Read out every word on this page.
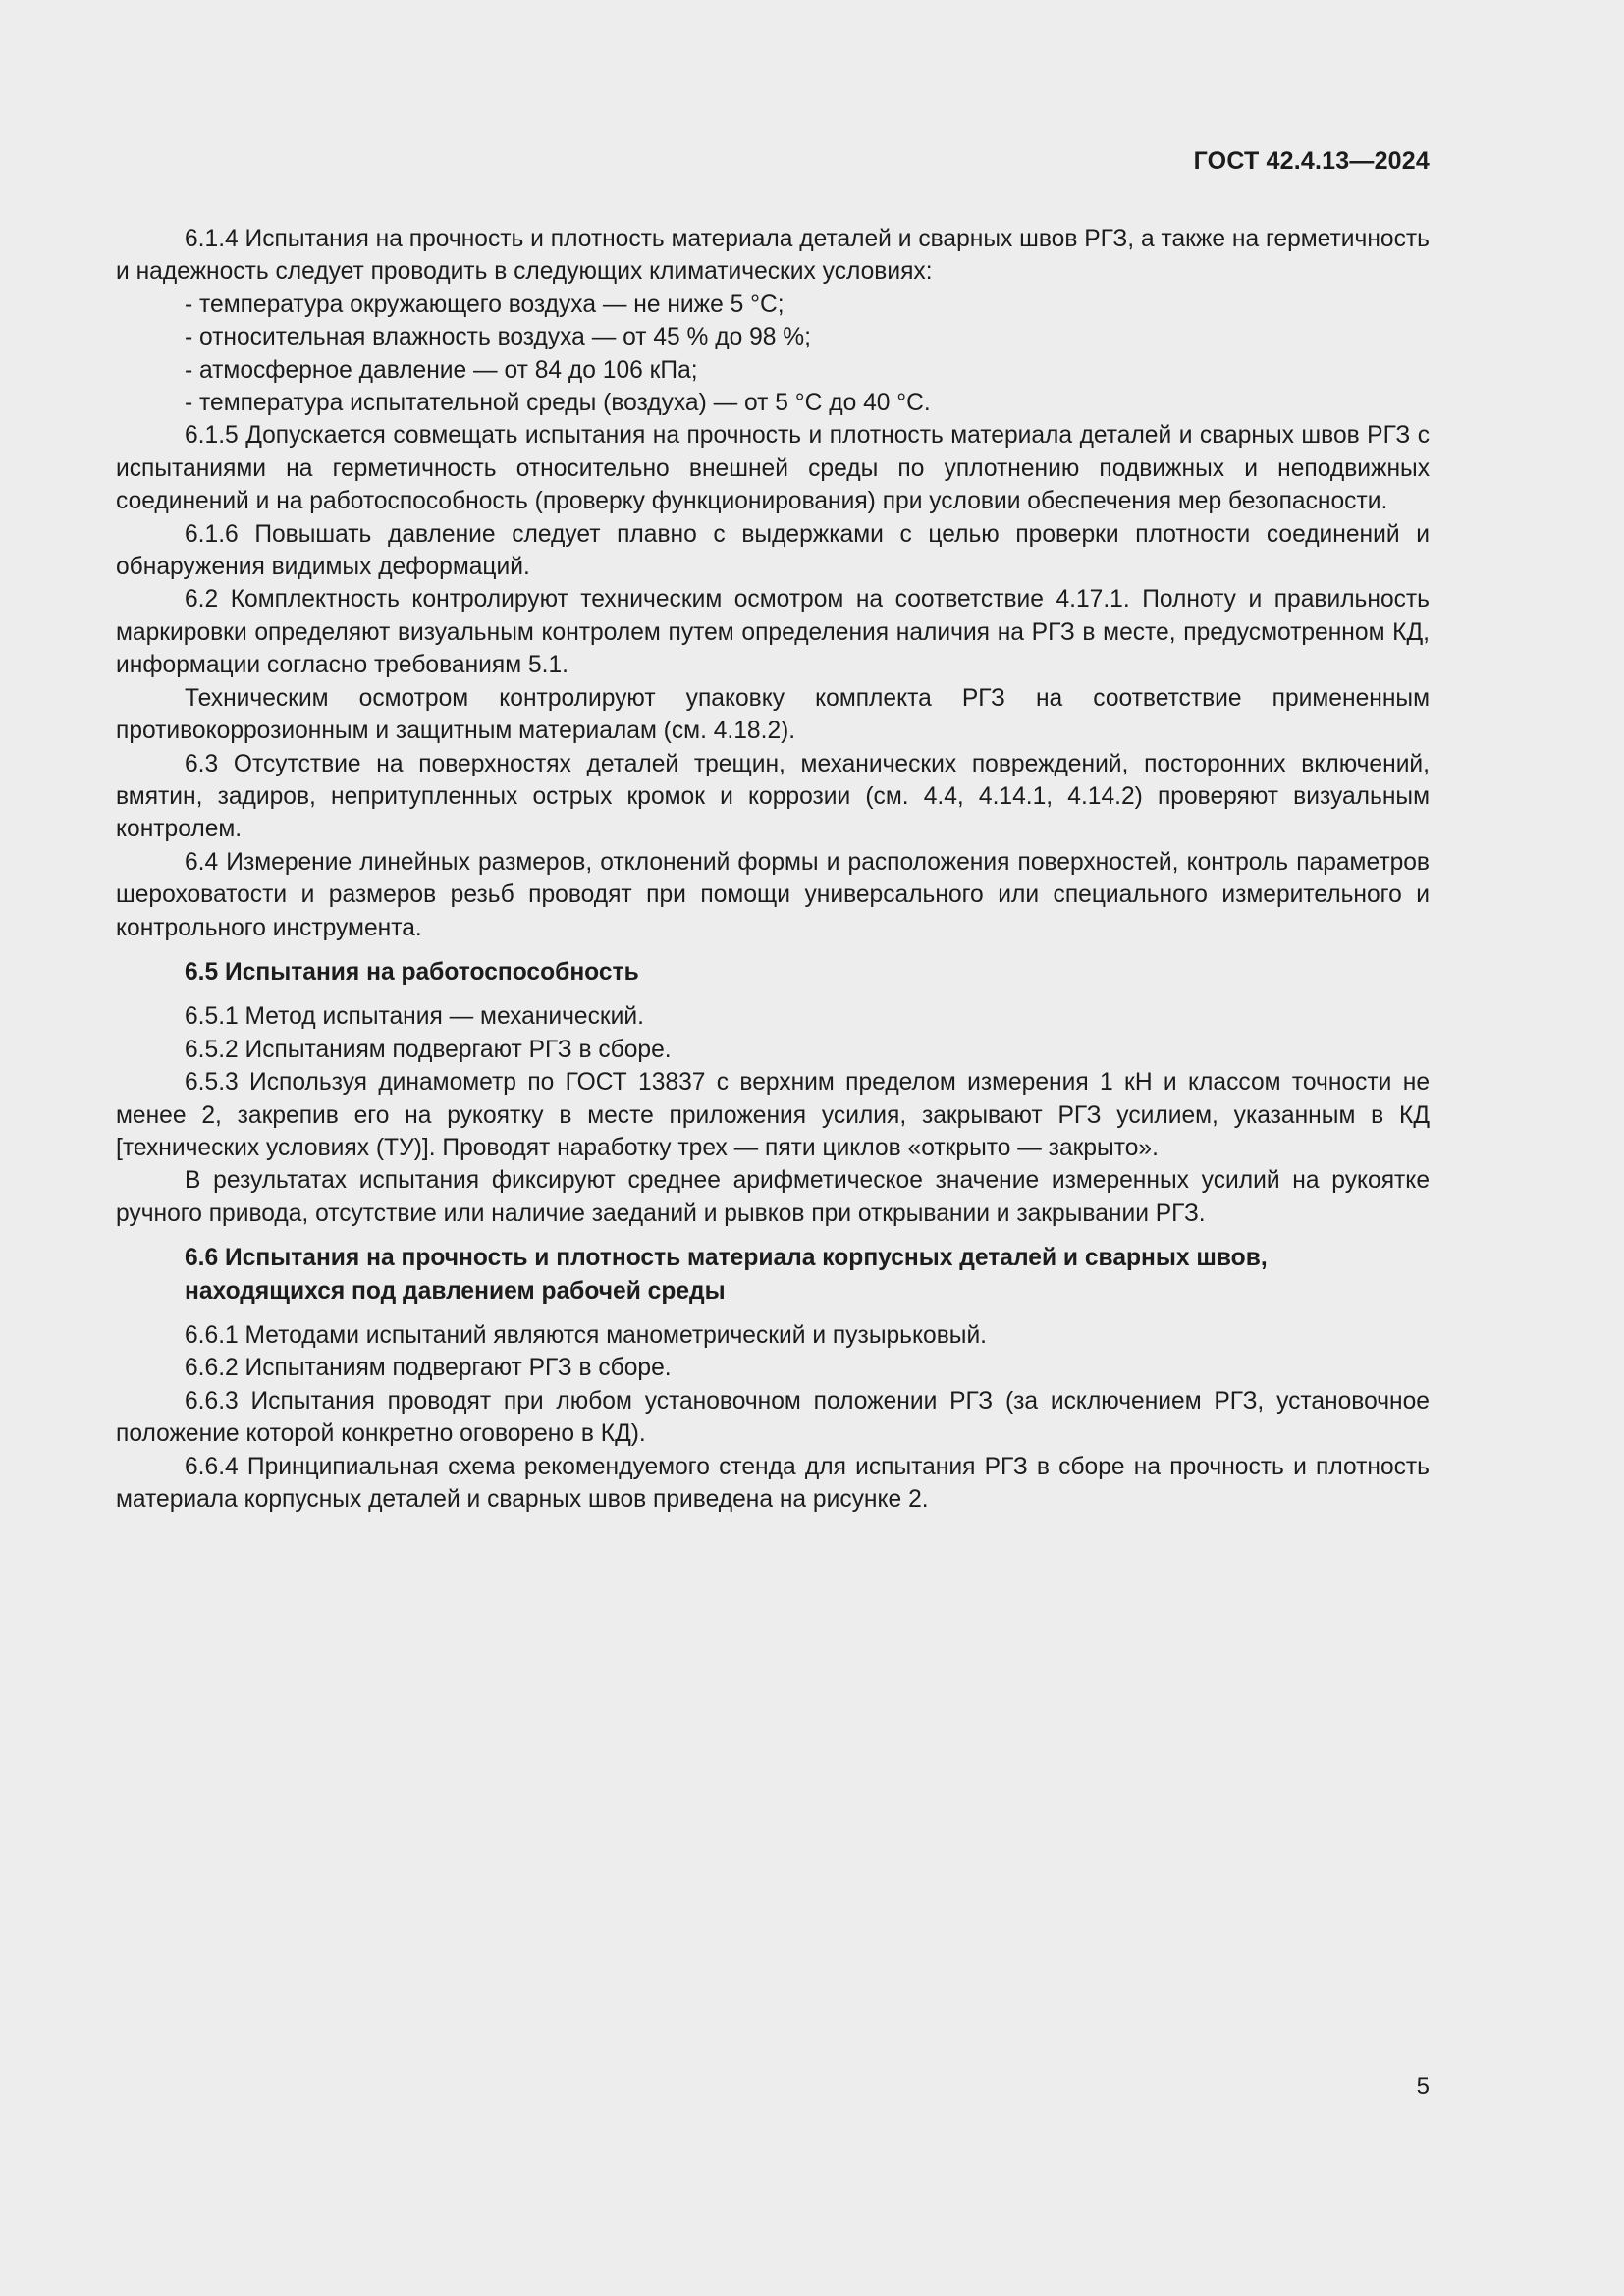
ГОСТ 42.4.13—2024

6.1.4 Испытания на прочность и плотность материала деталей и сварных швов РГЗ, а также на герметичность и надежность следует проводить в следующих климатических условиях:

- температура окружающего воздуха — не ниже 5 °C;

- относительная влажность воздуха — от 45 % до 98 %;

- атмосферное давление — от 84 до 106 кПа;

- температура испытательной среды (воздуха) — от 5 °C до 40 °C.

6.1.5 Допускается совмещать испытания на прочность и плотность материала деталей и сварных швов РГЗ с испытаниями на герметичность относительно внешней среды по уплотнению подвижных и неподвижных соединений и на работоспособность (проверку функционирования) при условии обеспечения мер безопасности.

6.1.6 Повышать давление следует плавно с выдержками с целью проверки плотности соединений и обнаружения видимых деформаций.

6.2 Комплектность контролируют техническим осмотром на соответствие 4.17.1. Полноту и правильность маркировки определяют визуальным контролем путем определения наличия на РГЗ в месте, предусмотренном КД, информации согласно требованиям 5.1.

Техническим осмотром контролируют упаковку комплекта РГЗ на соответствие примененным противокоррозионным и защитным материалам (см. 4.18.2).

6.3 Отсутствие на поверхностях деталей трещин, механических повреждений, посторонних включений, вмятин, задиров, непритупленных острых кромок и коррозии (см. 4.4, 4.14.1, 4.14.2) проверяют визуальным контролем.

6.4 Измерение линейных размеров, отклонений формы и расположения поверхностей, контроль параметров шероховатости и размеров резьб проводят при помощи универсального или специального измерительного и контрольного инструмента.

6.5 Испытания на работоспособность

6.5.1 Метод испытания — механический.

6.5.2 Испытаниям подвергают РГЗ в сборе.

6.5.3 Используя динамометр по ГОСТ 13837 с верхним пределом измерения 1 кН и классом точности не менее 2, закрепив его на рукоятку в месте приложения усилия, закрывают РГЗ усилием, указанным в КД [технических условиях (ТУ)]. Проводят наработку трех — пяти циклов «открыто — закрыто».

В результатах испытания фиксируют среднее арифметическое значение измеренных усилий на рукоятке ручного привода, отсутствие или наличие заеданий и рывков при открывании и закрывании РГЗ.

6.6 Испытания на прочность и плотность материала корпусных деталей и сварных швов, находящихся под давлением рабочей среды

6.6.1 Методами испытаний являются манометрический и пузырьковый.

6.6.2 Испытаниям подвергают РГЗ в сборе.

6.6.3 Испытания проводят при любом установочном положении РГЗ (за исключением РГЗ, установочное положение которой конкретно оговорено в КД).

6.6.4 Принципиальная схема рекомендуемого стенда для испытания РГЗ в сборе на прочность и плотность материала корпусных деталей и сварных швов приведена на рисунке 2.

5
